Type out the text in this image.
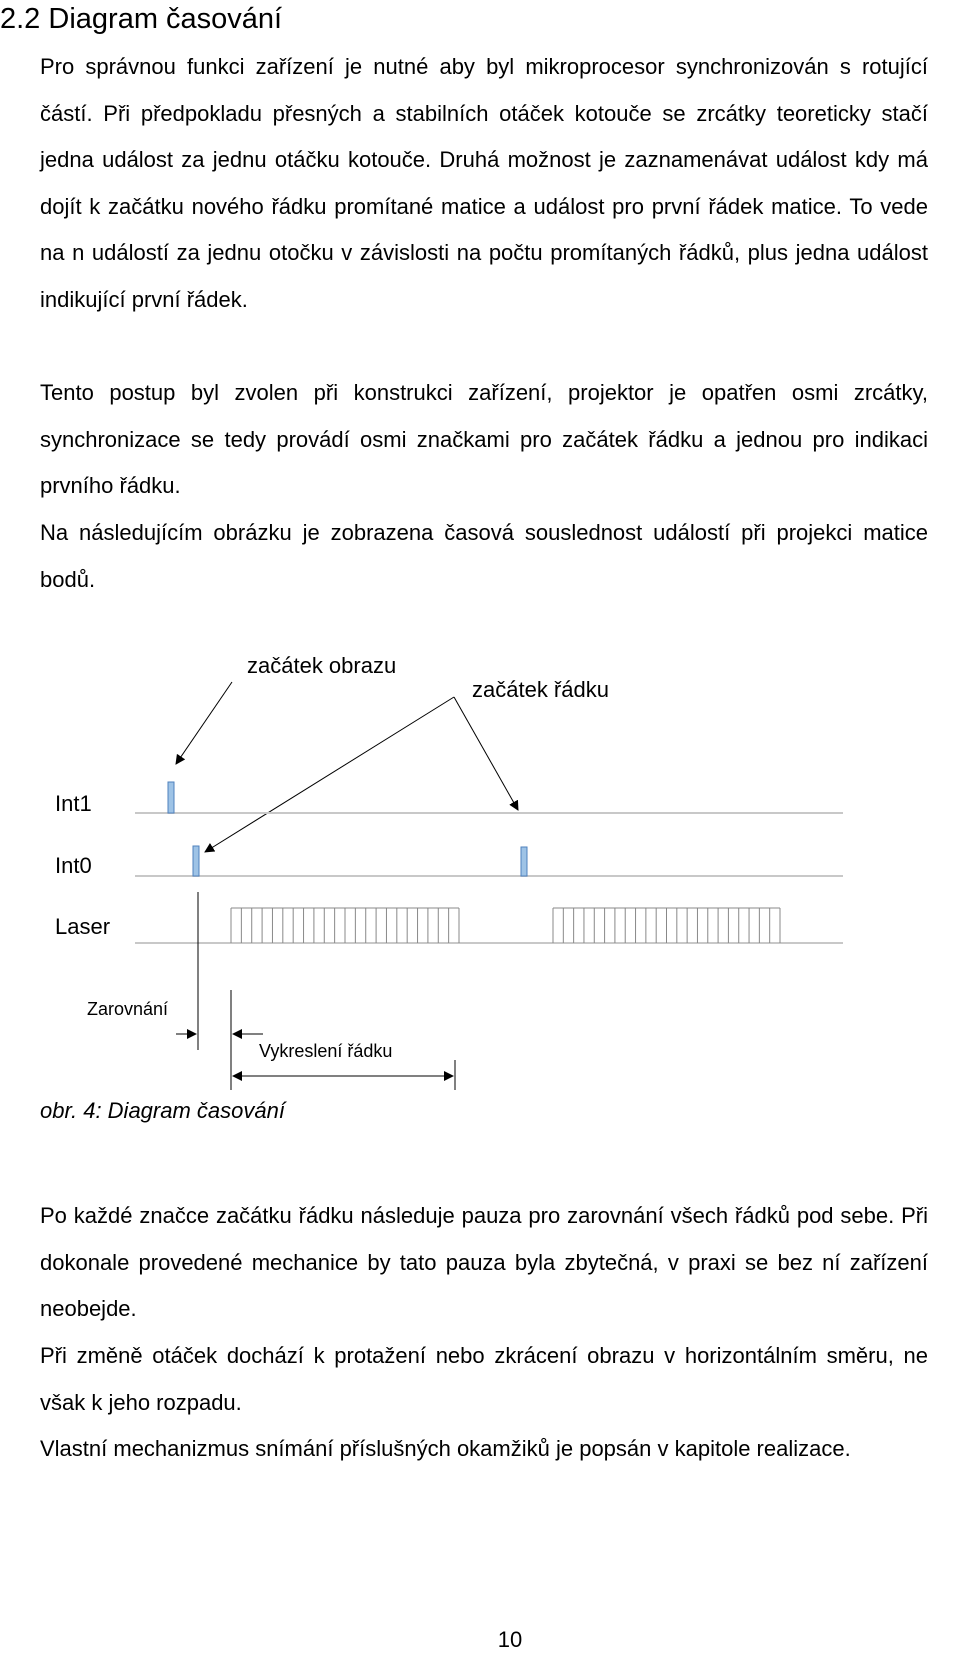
2.2 Diagram časování

Pro správnou funkci zařízení je nutné aby byl mikroprocesor synchronizován s rotující částí. Při předpokladu přesných a stabilních otáček kotouče se zrcátky teoreticky stačí jedna událost za jednu otáčku kotouče. Druhá možnost je zaznamenávat událost kdy má dojít k začátku nového řádku promítané matice a událost pro první řádek matice. To vede na n událostí za jednu otočku v závislosti na počtu promítaných řádků, plus jedna událost indikující první řádek.

Tento postup byl zvolen při konstrukci zařízení, projektor je opatřen osmi zrcátky, synchronizace se tedy provádí osmi značkami pro začátek řádku a jednou pro indikaci prvního řádku.

Na následujícím obrázku je zobrazena časová souslednost událostí při projekci matice bodů.

začátek obrazu
začátek řádku
Int1
Int0
Laser
Zarovnání
Vykreslení řádku

obr. 4: Diagram časování

Po každé značce začátku řádku následuje pauza pro zarovnání všech řádků pod sebe. Při dokonale provedené mechanice by tato pauza byla zbytečná, v praxi se bez ní zařízení neobejde.

Při změně otáček dochází k protažení nebo zkrácení obrazu v horizontálním směru, ne však k jeho rozpadu.

Vlastní mechanizmus snímání příslušných okamžiků je popsán v kapitole realizace.

10
